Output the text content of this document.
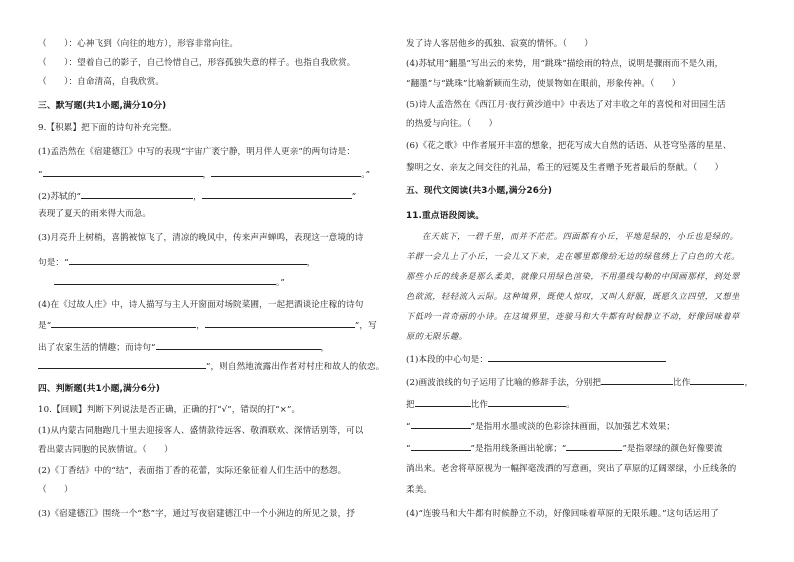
（　　）：心神飞到（向往的地方），形容非常向往。
（　　）：望着自己的影子，自己怜惜自己，形容孤独失意的样子。也指自我欣赏。
（　　）：自命清高，自我欣赏。
三、默写题(共1小题,满分10分)
9.【积累】把下面的诗句补充完整。
(1)孟浩然在《宿建德江》中写的表现“宇宙广袤宁静，明月伴人更亲”的两句诗是：
“	，	。”
(2)苏轼的“	，	”
表现了夏天的雨来得大而急。
(3)月亮升上树梢，喜鹊被惊飞了，清凉的晚风中，传来声声蝉鸣，表现这一意境的诗
句是：“	，
。”
(4)在《过故人庄》中，诗人描写与主人开窗面对场院菜圃，一起把酒谈论庄稼的诗句
是“	，	”，写
出了农家生活的情趣；而诗句“	，
”，则自然地流露出作者对村庄和故人的依恋。
四、判断题(共1小题,满分6分)
10.【回顾】判断下列说法是否正确，正确的打“√”，错误的打“×”。
(1)从内蒙古同胞跑几十里去迎接客人、盛情款待远客、敬酒联欢、深情话别等，可以
看出蒙古同胞的民族情谊。（　　）
(2)《丁香结》中的“结”，表面指丁香的花蕾，实际还象征着人们生活中的愁怨。
（　　）
(3)《宿建德江》围绕一个“愁”字，通过写夜宿建德江中一个小洲边的所见之景，抒
发了诗人客居他乡的孤独、寂寞的情怀。（　　）
(4)苏轼用“翻墨”写出云的来势，用“跳珠”描绘雨的特点，说明是骤雨而不是久雨，
“翻墨”与“跳珠”比喻新颖而生动，使景物如在眼前，形象传神。（　　）
(5)诗人孟浩然在《西江月·夜行黄沙道中》中表达了对丰收之年的喜悦和对田园生活
的热爱与向往。（　　）
(6)《花之歌》中作者展开丰富的想象，把花写成大自然的话语、从苍穹坠落的星星、
黎明之女、亲友之间交往的礼品，希王的冠冕及生者赠予死者最后的祭献。（　　）
五、现代文阅读(共3小题,满分26分)
11.重点语段阅读。
在天底下，一碧千里，而并不茫茫。四面都有小丘，平地是绿的，小丘也是绿的。
羊群一会儿上了小丘，一会儿又下来，走在哪里都像给无边的绿毯绣上了白色的大花。
那些小丘的线条是那么柔美，就像只用绿色渲染，不用墨线勾勒的中国画那样，到处翠
色欲流，轻轻流入云际。这种境界，既使人惊叹，又叫人舒服，既愿久立四望，又想坐
下低吟一首奇丽的小诗。在这境界里，连骏马和大牛都有时候静立不动，好像回味着草
原的无限乐趣。
(1)本段的中心句是：
(2)画波浪线的句子运用了比喻的修辞手法，分别把	比作	，
把	比作	。
“	”是指用水墨或淡的色彩涂抹画面，以加强艺术效果；
“	”是指用线条画出轮廓；“	”是指翠绿的颜色好像要流
淌出来。老舍将草原视为一幅挥毫泼洒的写意画，突出了草原的辽阔翠绿，小丘线条的
柔美。
(4)“连骏马和大牛都有时候静立不动，好像回味着草原的无限乐趣。”这句话运用了
